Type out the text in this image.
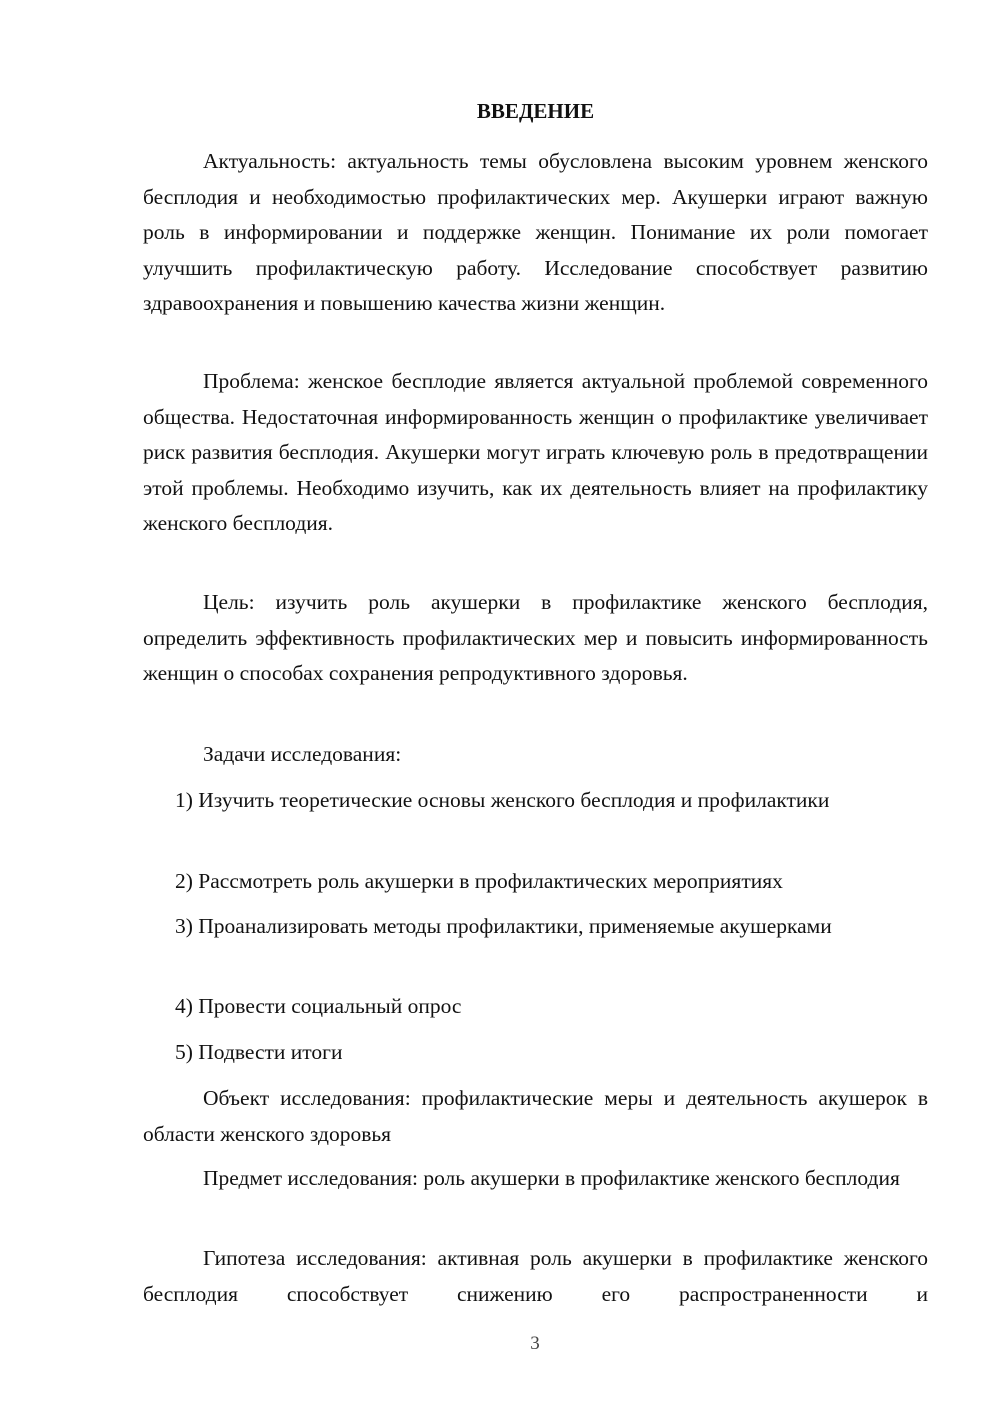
ВВЕДЕНИЕ

Актуальность: актуальность темы обусловлена высоким уровнем женского бесплодия и необходимостью профилактических мер. Акушерки играют важную роль в информировании и поддержке женщин. Понимание их роли помогает улучшить профилактическую работу. Исследование способствует развитию здравоохранения и повышению качества жизни женщин.

Проблема: женское бесплодие является актуальной проблемой современного общества. Недостаточная информированность женщин о профилактике увеличивает риск развития бесплодия. Акушерки могут играть ключевую роль в предотвращении этой проблемы. Необходимо изучить, как их деятельность влияет на профилактику женского бесплодия.

Цель: изучить роль акушерки в профилактике женского бесплодия, определить эффективность профилактических мер и повысить информированность женщин о способах сохранения репродуктивного здоровья.

Задачи исследования:

1) Изучить теоретические основы женского бесплодия и профилактики

2) Рассмотреть роль акушерки в профилактических мероприятиях

3) Проанализировать методы профилактики, применяемые акушерками

4) Провести социальный опрос

5) Подвести итоги

Объект исследования: профилактические меры и деятельность акушерок в области женского здоровья

Предмет исследования: роль акушерки в профилактике женского бесплодия

Гипотеза исследования: активная роль акушерки в профилактике женского бесплодия способствует снижению его распространенности и

3
